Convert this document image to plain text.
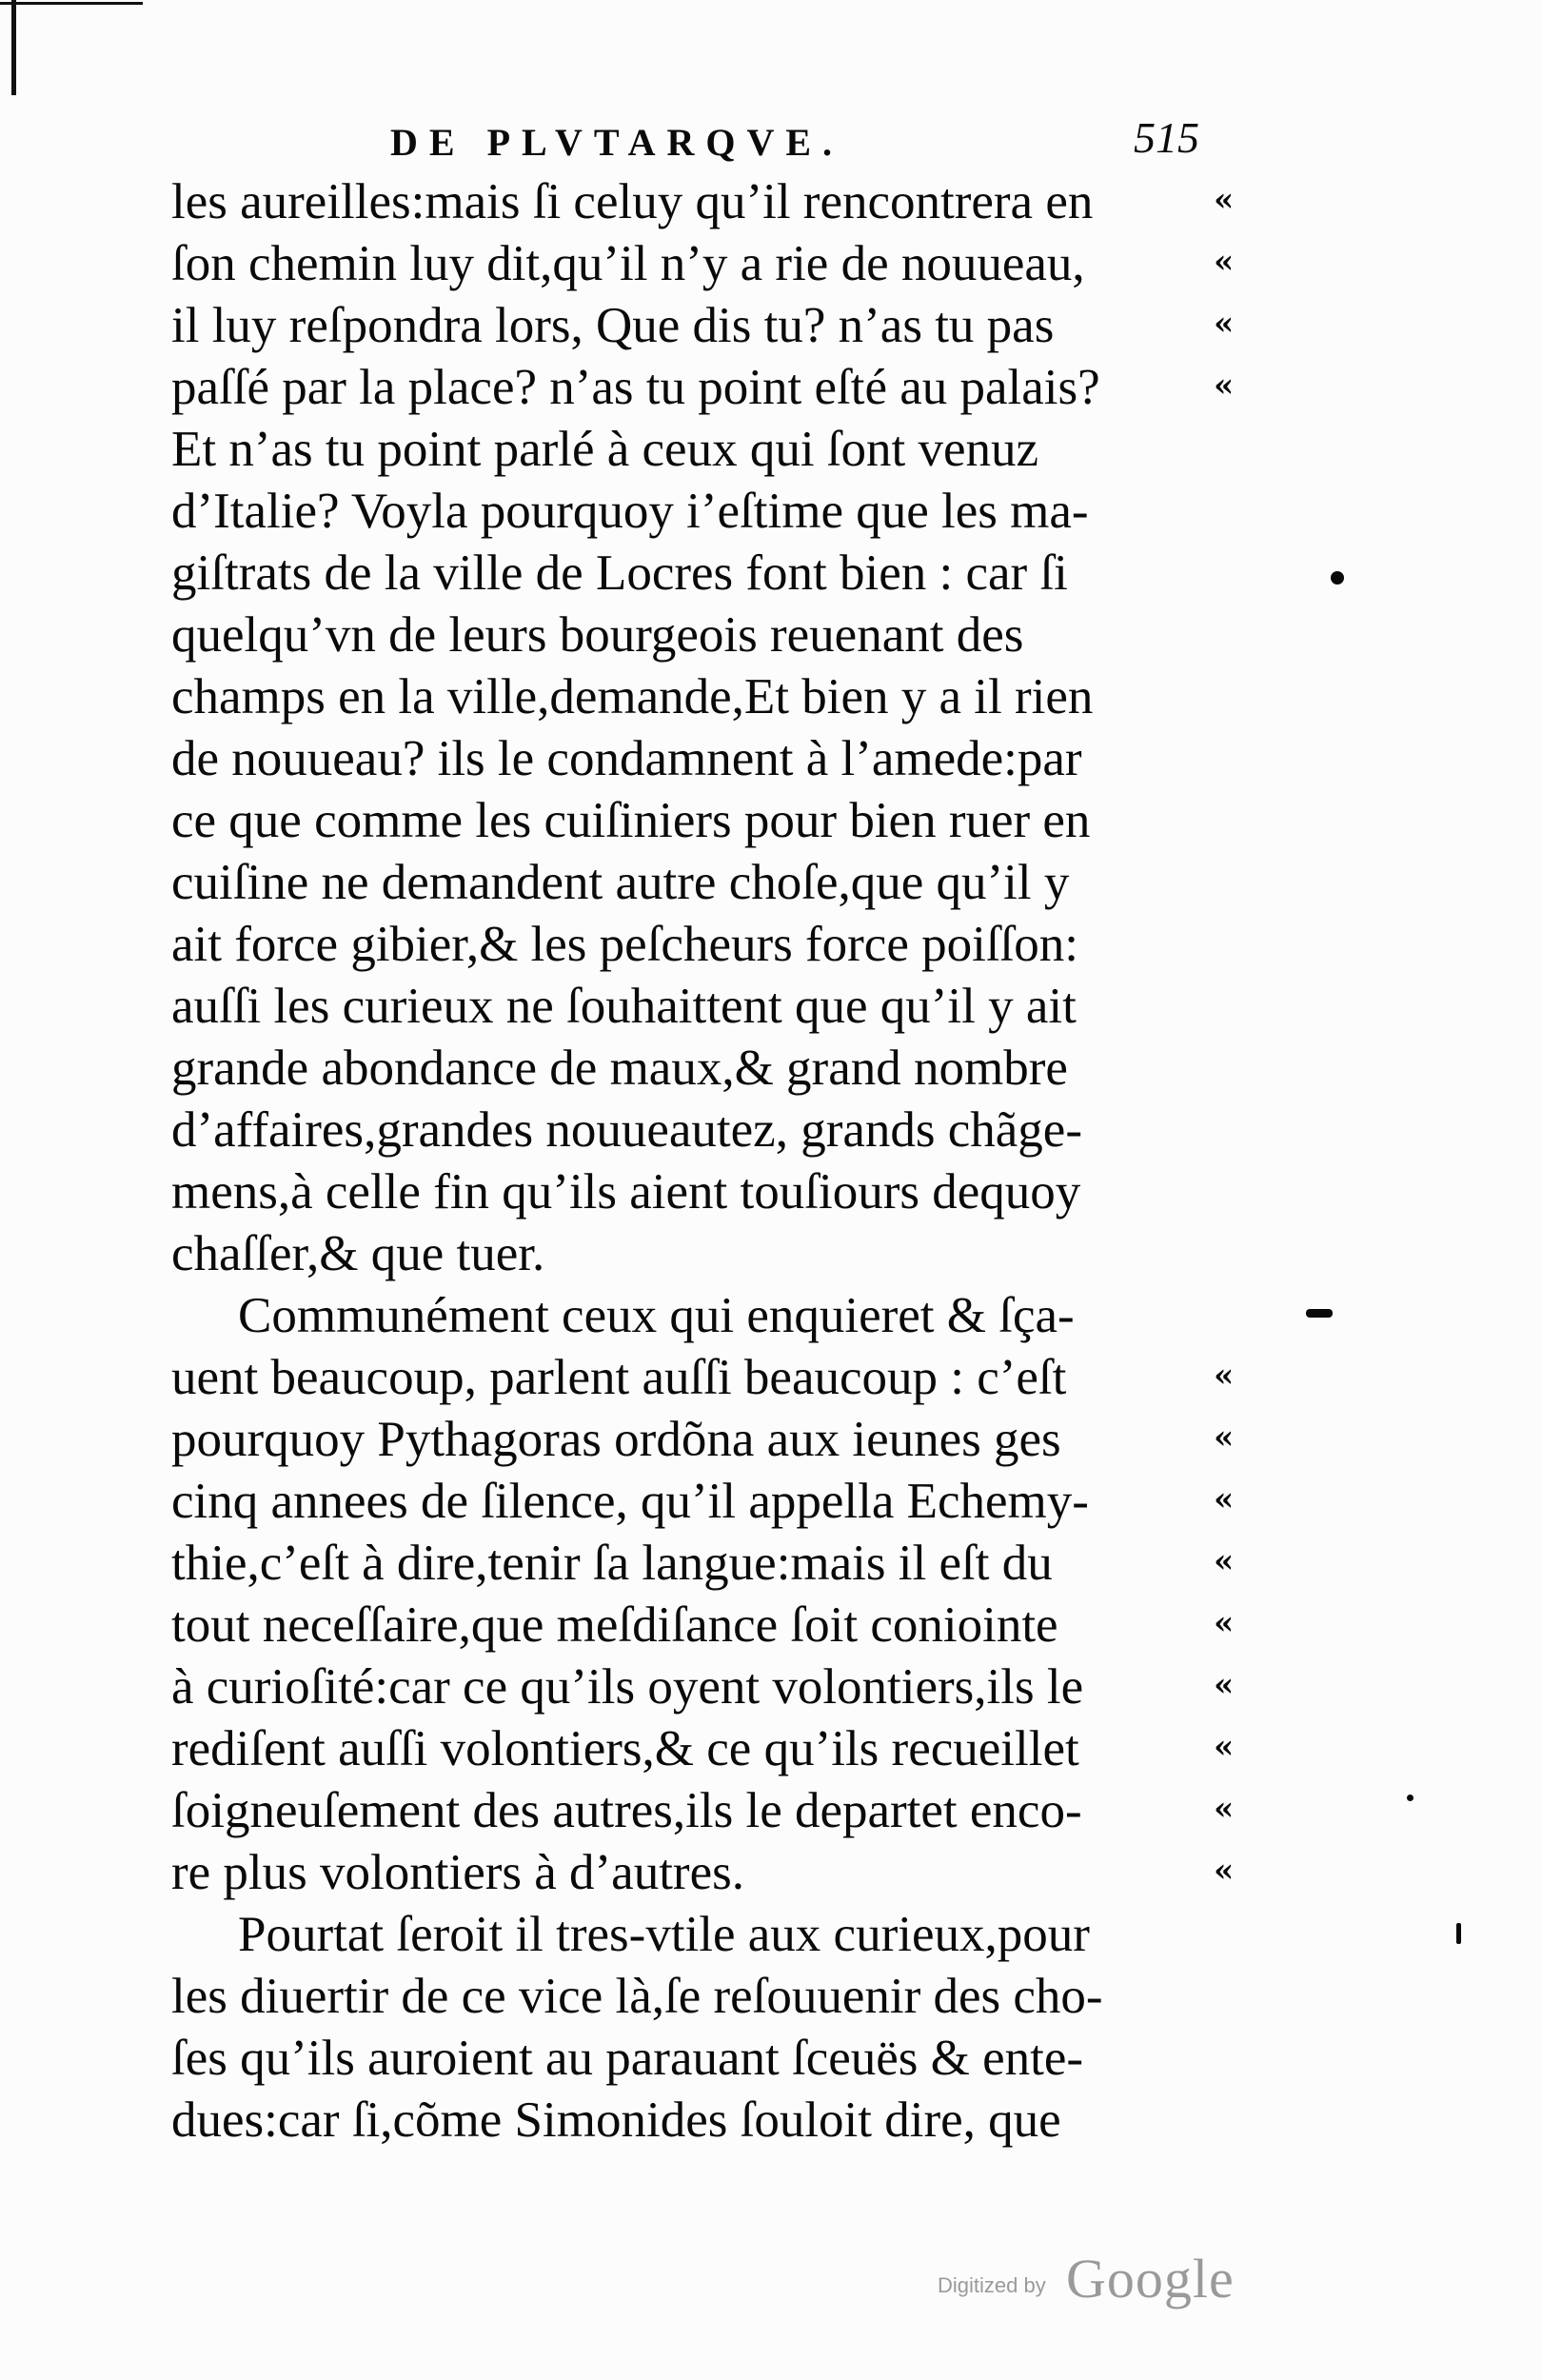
DE PLVTARQVE.	515
les aureilles:mais ſi celuy qu’il rencontrera en	«
ſon chemin luy dit,qu’il n’y a rie de nouueau,	«
il luy reſpondra lors, Que dis tu? n’as tu pas	«
paſſé par la place? n’as tu point eſté au palais?	«
Et n’as tu point parlé à ceux qui ſont venuz
d’Italie? Voyla pourquoy i’eſtime que les ma-
giſtrats de la ville de Locres font bien : car ſi
quelqu’vn de leurs bourgeois reuenant des
champs en la ville,demande,Et bien y a il rien
de nouueau? ils le condamnent à l’amede:par
ce que comme les cuiſiniers pour bien ruer en
cuiſine ne demandent autre choſe,que qu’il y
ait force gibier,& les peſcheurs force poiſſon:
auſſi les curieux ne ſouhaittent que qu’il y ait
grande abondance de maux,& grand nombre
d’affaires,grandes nouueautez, grands chãge-
mens,à celle fin qu’ils aient touſiours dequoy
chaſſer,& que tuer.
Communément ceux qui enquieret & ſça-
uent beaucoup, parlent auſſi beaucoup : c’eſt	«
pourquoy Pythagoras ordõna aux ieunes ges	«
cinq annees de ſilence, qu’il appella Echemy-	«
thie,c’eſt à dire,tenir ſa langue:mais il eſt du	«
tout neceſſaire,que meſdiſance ſoit conioin​te	«
à curioſité:car ce qu’ils oyent volontiers,ils le	«
rediſent auſſi volontiers,& ce qu’ils recueillet	«
ſoigneuſement des autres,ils le departet enco-	«
re plus volontiers à d’autres.	«
Pourtat ſeroit il tres-vtile aux curieux,pour
les diuertir de ce vice là,ſe reſouuenir des cho-
ſes qu’ils auroient au parauant ſceuës & ente-
dues:car ſi,cõme Simonides ſouloit dire, que
Digitized by Google
